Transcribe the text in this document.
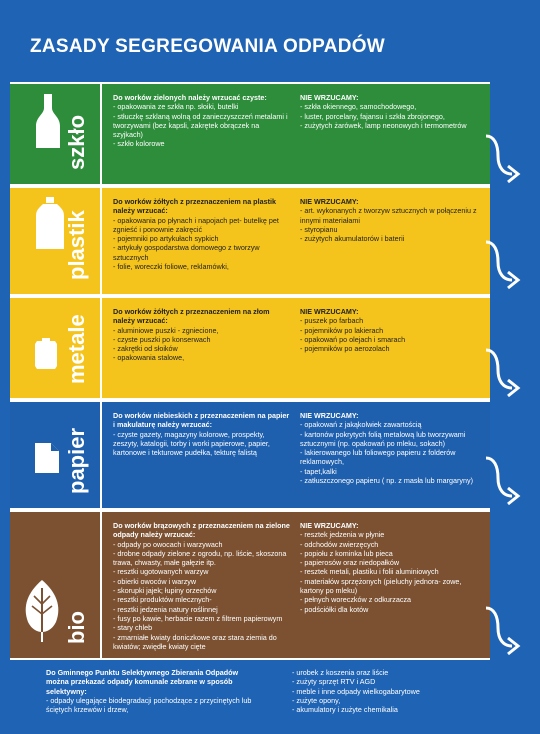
ZASADY SEGREGOWANIA ODPADÓW
szkło
Do worków zielonych należy wrzucać czyste:
- opakowania ze szkła np. słoiki, butelki
- stłuczkę szklaną wolną od zanieczyszczeń metalami i tworzywami (bez kapsli, zakrętek obrączek na szyjkach)
- szkło kolorowe
NIE WRZUCAMY:
- szkła okiennego, samochodowego,
- luster, porcelany, fajansu i szkła zbrojonego,
- zużytych żarówek, lamp neonowych i termometrów
plastik
Do worków żółtych z przeznaczeniem na plastik należy wrzucać:
- opakowania po płynach i napojach pet- butelkę pet zgnieść i ponownie zakręcić
- pojemniki po artykułach sypkich
- artykuły gospodarstwa domowego z tworzyw sztucznych
- folie, woreczki foliowe, reklamówki,
NIE WRZUCAMY:
- art. wykonanych z tworzyw sztucznych w połączeniu z innymi materiałami
- styropianu
- zużytych akumulatorów i baterii
metale
Do worków żółtych z przeznaczeniem na złom należy wrzucać:
- aluminiowe puszki - zgniecione,
- czyste puszki po konserwach
- zakrętki od słoików
- opakowania stalowe,
NIE WRZUCAMY:
- puszek po farbach
- pojemników po lakierach
- opakowań po olejach i smarach
- pojemników po aerozolach
papier
Do worków niebieskich z przeznaczeniem na papier i makulaturę należy wrzucać:
- czyste gazety, magazyny kolorowe, prospekty, zeszyty, katalogii, torby i worki papierowe, papier, kartonowe i tekturowe pudełka, tekturę falistą
NIE WRZUCAMY:
- opakowań z jakąkolwiek zawartością
- kartonów pokrytych folią metalową lub tworzywami sztucznymi (np. opakowań po mleku, sokach)
- lakierowanego lub foliowego papieru z folderów reklamowych,
- tapet,kalki
- zatłuszczonego papieru ( np. z masła lub margaryny)
bio
Do worków brązowych z przeznaczeniem na zielone odpady należy wrzucać:
- odpady po owocach i warzywach
- drobne odpady zielone z ogrodu, np. liście, skoszona trawa, chwasty, małe gałęzie itp.
- resztki ugotowanych warzyw
- obierki owoców i warzyw
- skorupki jajek; łupiny orzechów
- resztki produktów mlecznych-
- resztki jedzenia natury roślinnej
- fusy po kawie, herbacie razem z filtrem papierowym
- stary chleb
- zmarniałe kwiaty doniczkowe oraz stara ziemia do kwiatów; zwiędłe kwiaty cięte
NIE WRZUCAMY:
- resztek jedzenia w płynie
- odchodów zwierzęcych
- popiołu z kominka lub pieca
- papierosów oraz niedopałków
- resztek metali, plastiku i folii aluminiowych
- materiałów sprzężonych (pieluchy jednora- zowe, kartony po mleku)
- pełnych woreczków z odkurzacza
- podściółki dla kotów
Do Gminnego Punktu Selektywnego Zbierania Odpadów można przekazać odpady komunale zebrane w sposób selektywny:
- odpady ulegające biodegradacji pochodzące z przycinętych lub ściętych krzewów i drzew,
- urobek z koszenia oraz liście
- zużyty sprzęt RTV i AGD
- meble i inne odpady wielkogabarytowe
- zużyte opony,
- akumulatory i zużyte chemikalia
